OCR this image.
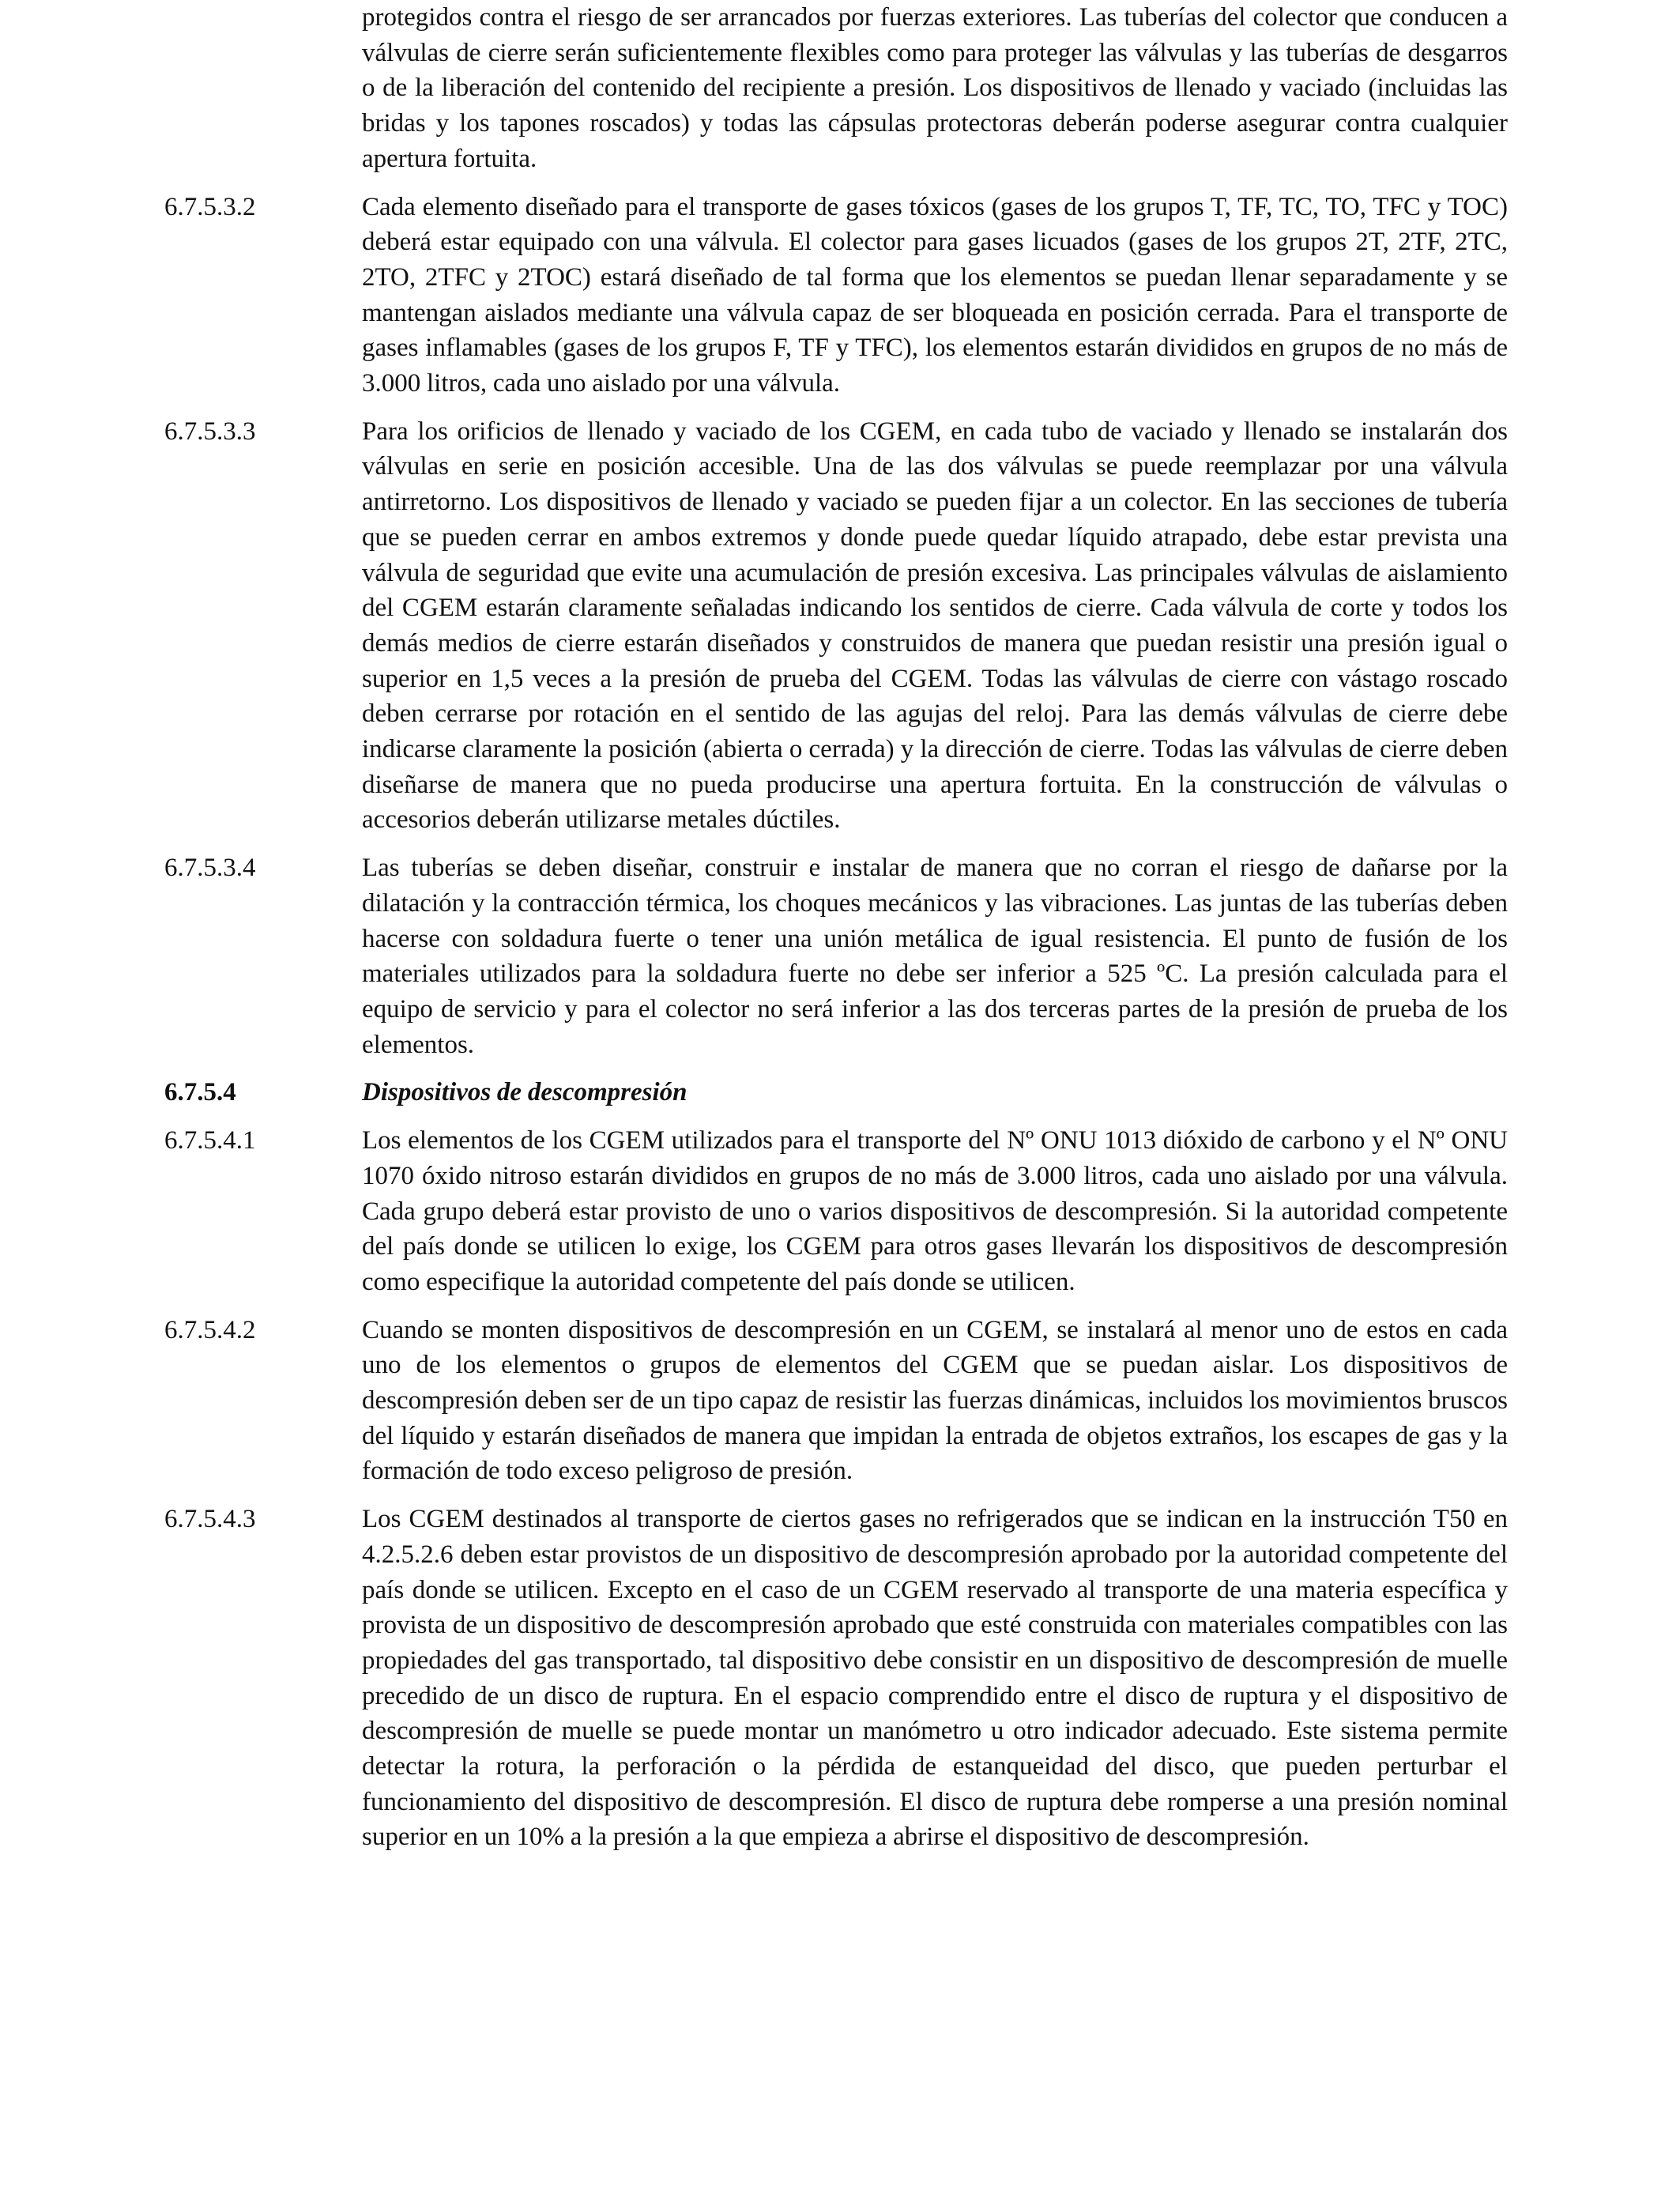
protegidos contra el riesgo de ser arrancados por fuerzas exteriores. Las tuberías del colector que conducen a válvulas de cierre serán suficientemente flexibles como para proteger las válvulas y las tuberías de desgarros o de la liberación del contenido del recipiente a presión. Los dispositivos de llenado y vaciado (incluidas las bridas y los tapones roscados) y todas las cápsulas protectoras deberán poderse asegurar contra cualquier apertura fortuita.
6.7.5.3.2	Cada elemento diseñado para el transporte de gases tóxicos (gases de los grupos T, TF, TC, TO, TFC y TOC) deberá estar equipado con una válvula. El colector para gases licuados (gases de los grupos 2T, 2TF, 2TC, 2TO, 2TFC y 2TOC) estará diseñado de tal forma que los elementos se puedan llenar separadamente y se mantengan aislados mediante una válvula capaz de ser bloqueada en posición cerrada. Para el transporte de gases inflamables (gases de los grupos F, TF y TFC), los elementos estarán divididos en grupos de no más de 3.000 litros, cada uno aislado por una válvula.
6.7.5.3.3	Para los orificios de llenado y vaciado de los CGEM, en cada tubo de vaciado y llenado se instalarán dos válvulas en serie en posición accesible. Una de las dos válvulas se puede reemplazar por una válvula antirretorno. Los dispositivos de llenado y vaciado se pueden fijar a un colector. En las secciones de tubería que se pueden cerrar en ambos extremos y donde puede quedar líquido atrapado, debe estar prevista una válvula de seguridad que evite una acumulación de presión excesiva. Las principales válvulas de aislamiento del CGEM estarán claramente señaladas indicando los sentidos de cierre. Cada válvula de corte y todos los demás medios de cierre estarán diseñados y construidos de manera que puedan resistir una presión igual o superior en 1,5 veces a la presión de prueba del CGEM. Todas las válvulas de cierre con vástago roscado deben cerrarse por rotación en el sentido de las agujas del reloj. Para las demás válvulas de cierre debe indicarse claramente la posición (abierta o cerrada) y la dirección de cierre. Todas las válvulas de cierre deben diseñarse de manera que no pueda producirse una apertura fortuita. En la construcción de válvulas o accesorios deberán utilizarse metales dúctiles.
6.7.5.3.4	Las tuberías se deben diseñar, construir e instalar de manera que no corran el riesgo de dañarse por la dilatación y la contracción térmica, los choques mecánicos y las vibraciones. Las juntas de las tuberías deben hacerse con soldadura fuerte o tener una unión metálica de igual resistencia. El punto de fusión de los materiales utilizados para la soldadura fuerte no debe ser inferior a 525 ºC. La presión calculada para el equipo de servicio y para el colector no será inferior a las dos terceras partes de la presión de prueba de los elementos.
6.7.5.4	Dispositivos de descompresión
6.7.5.4.1	Los elementos de los CGEM utilizados para el transporte del Nº ONU 1013 dióxido de carbono y el Nº ONU 1070 óxido nitroso estarán divididos en grupos de no más de 3.000 litros, cada uno aislado por una válvula. Cada grupo deberá estar provisto de uno o varios dispositivos de descompresión. Si la autoridad competente del país donde se utilicen lo exige, los CGEM para otros gases llevarán los dispositivos de descompresión como especifique la autoridad competente del país donde se utilicen.
6.7.5.4.2	Cuando se monten dispositivos de descompresión en un CGEM, se instalará al menor uno de estos en cada uno de los elementos o grupos de elementos del CGEM que se puedan aislar. Los dispositivos de descompresión deben ser de un tipo capaz de resistir las fuerzas dinámicas, incluidos los movimientos bruscos del líquido y estarán diseñados de manera que impidan la entrada de objetos extraños, los escapes de gas y la formación de todo exceso peligroso de presión.
6.7.5.4.3	Los CGEM destinados al transporte de ciertos gases no refrigerados que se indican en la instrucción T50 en 4.2.5.2.6 deben estar provistos de un dispositivo de descompresión aprobado por la autoridad competente del país donde se utilicen. Excepto en el caso de un CGEM reservado al transporte de una materia específica y provista de un dispositivo de descompresión aprobado que esté construida con materiales compatibles con las propiedades del gas transportado, tal dispositivo debe consistir en un dispositivo de descompresión de muelle precedido de un disco de ruptura. En el espacio comprendido entre el disco de ruptura y el dispositivo de descompresión de muelle se puede montar un manómetro u otro indicador adecuado. Este sistema permite detectar la rotura, la perforación o la pérdida de estanqueidad del disco, que pueden perturbar el funcionamiento del dispositivo de descompresión. El disco de ruptura debe romperse a una presión nominal superior en un 10% a la presión a la que empieza a abrirse el dispositivo de descompresión.
